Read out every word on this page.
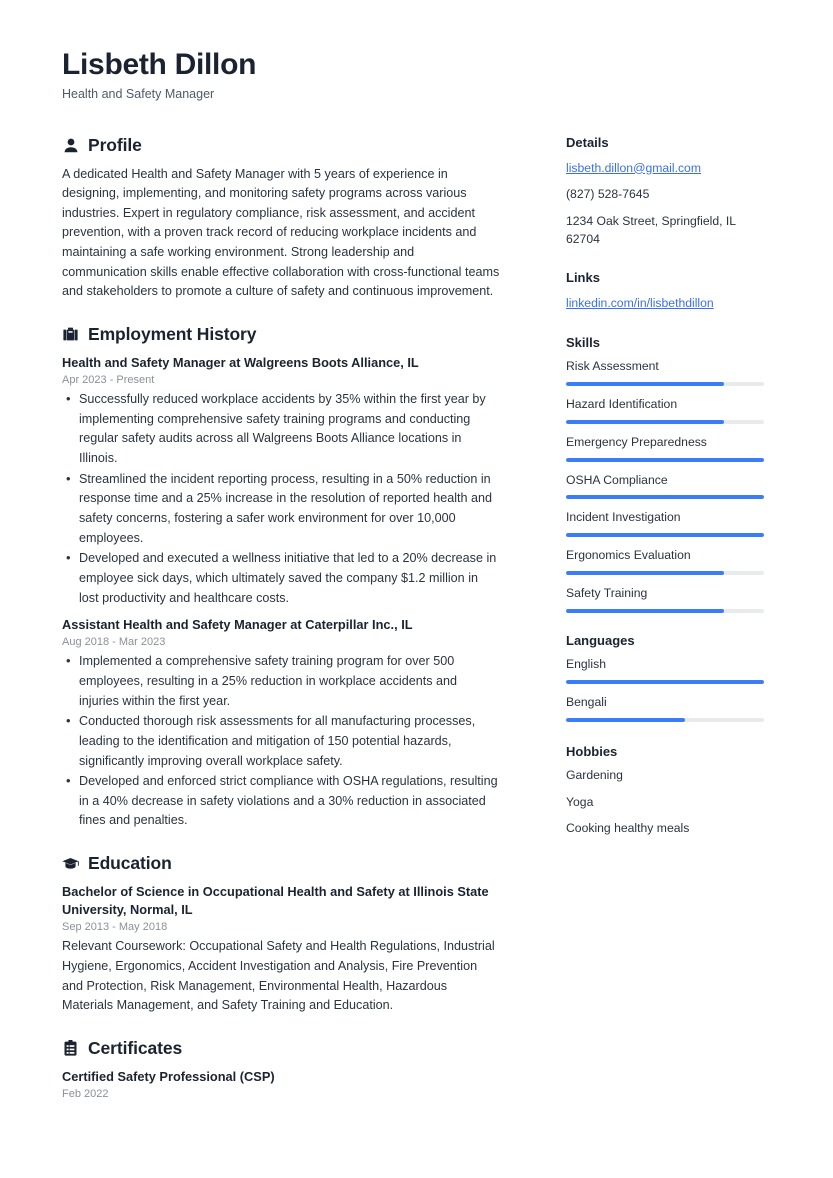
Lisbeth Dillon
Health and Safety Manager
Profile
A dedicated Health and Safety Manager with 5 years of experience in designing, implementing, and monitoring safety programs across various industries. Expert in regulatory compliance, risk assessment, and accident prevention, with a proven track record of reducing workplace incidents and maintaining a safe working environment. Strong leadership and communication skills enable effective collaboration with cross-functional teams and stakeholders to promote a culture of safety and continuous improvement.
Employment History
Health and Safety Manager at Walgreens Boots Alliance, IL
Apr 2023 - Present
• Successfully reduced workplace accidents by 35% within the first year by implementing comprehensive safety training programs and conducting regular safety audits across all Walgreens Boots Alliance locations in Illinois.
• Streamlined the incident reporting process, resulting in a 50% reduction in response time and a 25% increase in the resolution of reported health and safety concerns, fostering a safer work environment for over 10,000 employees.
• Developed and executed a wellness initiative that led to a 20% decrease in employee sick days, which ultimately saved the company $1.2 million in lost productivity and healthcare costs.
Assistant Health and Safety Manager at Caterpillar Inc., IL
Aug 2018 - Mar 2023
• Implemented a comprehensive safety training program for over 500 employees, resulting in a 25% reduction in workplace accidents and injuries within the first year.
• Conducted thorough risk assessments for all manufacturing processes, leading to the identification and mitigation of 150 potential hazards, significantly improving overall workplace safety.
• Developed and enforced strict compliance with OSHA regulations, resulting in a 40% decrease in safety violations and a 30% reduction in associated fines and penalties.
Education
Bachelor of Science in Occupational Health and Safety at Illinois State University, Normal, IL
Sep 2013 - May 2018
Relevant Coursework: Occupational Safety and Health Regulations, Industrial Hygiene, Ergonomics, Accident Investigation and Analysis, Fire Prevention and Protection, Risk Management, Environmental Health, Hazardous Materials Management, and Safety Training and Education.
Certificates
Certified Safety Professional (CSP)
Feb 2022
Details
lisbeth.dillon@gmail.com
(827) 528-7645
1234 Oak Street, Springfield, IL 62704
Links
linkedin.com/in/lisbethdillon
Skills
Risk Assessment
Hazard Identification
Emergency Preparedness
OSHA Compliance
Incident Investigation
Ergonomics Evaluation
Safety Training
Languages
English
Bengali
Hobbies
Gardening
Yoga
Cooking healthy meals
